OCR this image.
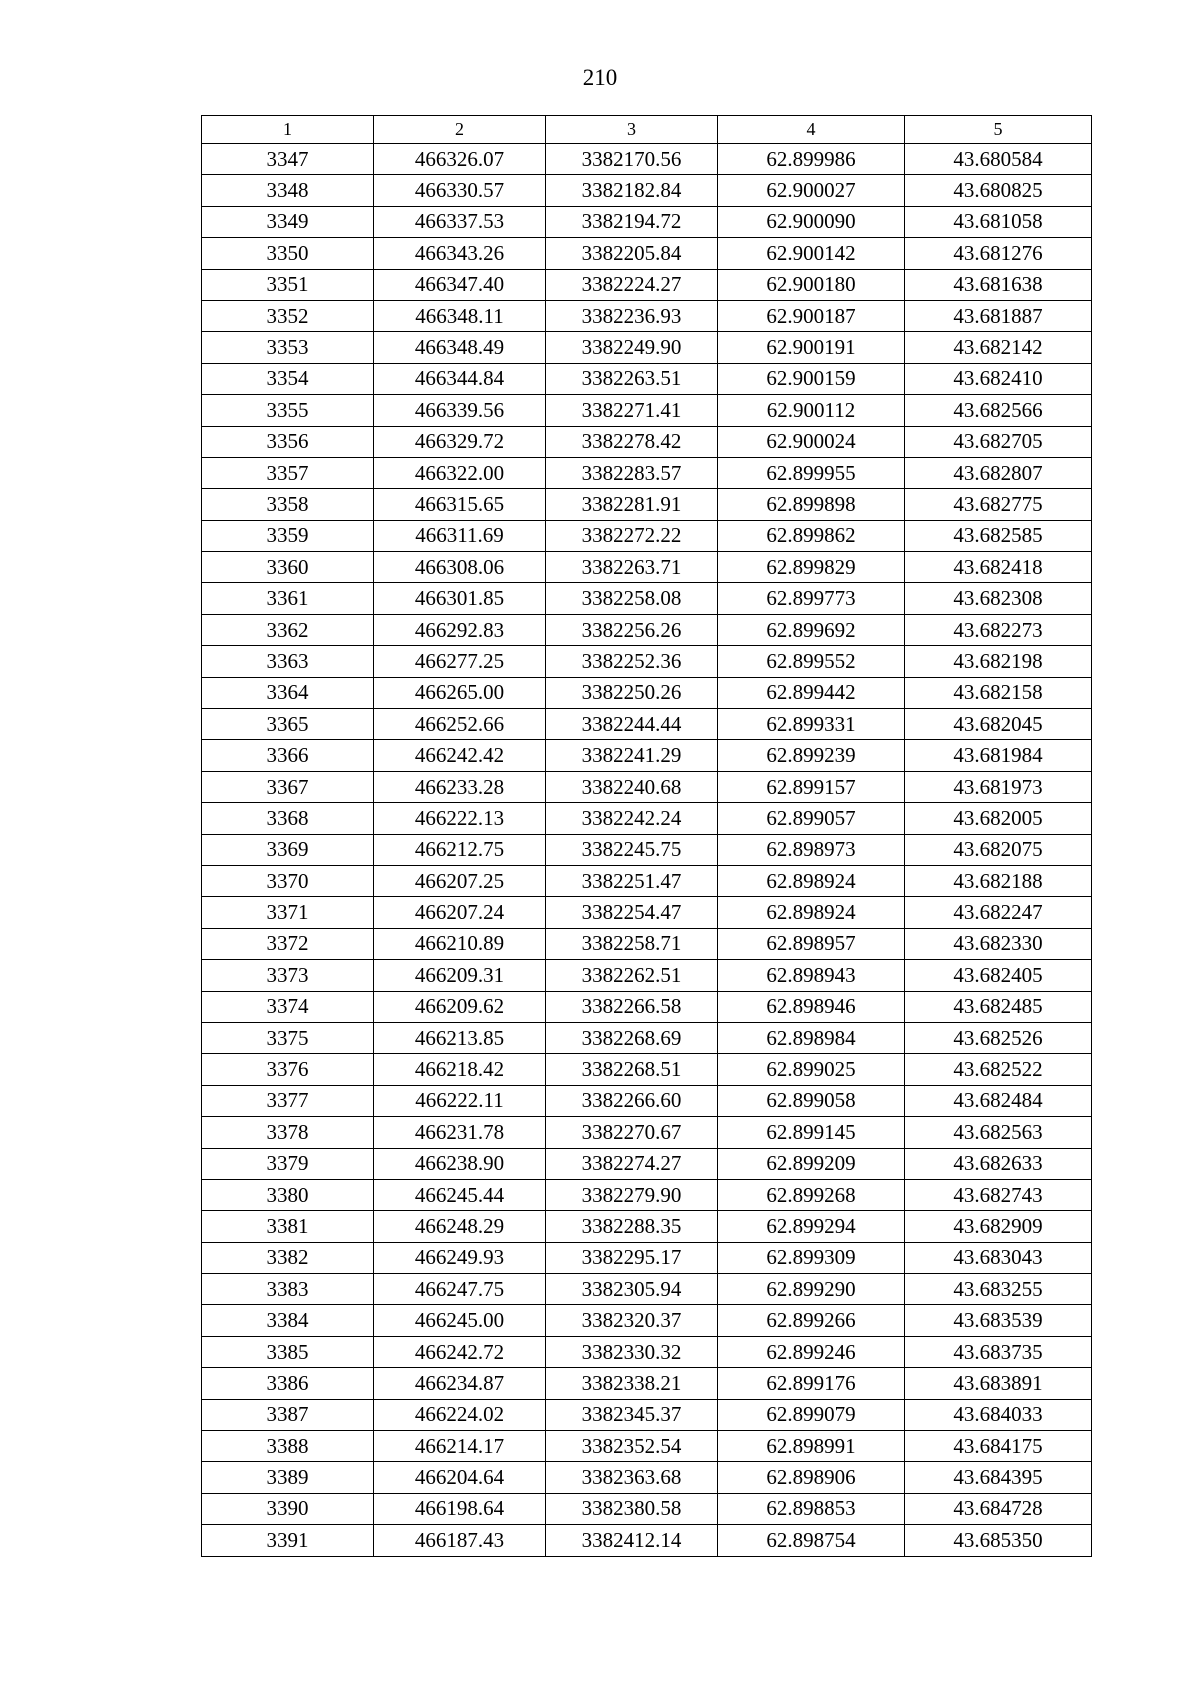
210
1	2	3	4	5
3347	466326.07	3382170.56	62.899986	43.680584
3348	466330.57	3382182.84	62.900027	43.680825
3349	466337.53	3382194.72	62.900090	43.681058
3350	466343.26	3382205.84	62.900142	43.681276
3351	466347.40	3382224.27	62.900180	43.681638
3352	466348.11	3382236.93	62.900187	43.681887
3353	466348.49	3382249.90	62.900191	43.682142
3354	466344.84	3382263.51	62.900159	43.682410
3355	466339.56	3382271.41	62.900112	43.682566
3356	466329.72	3382278.42	62.900024	43.682705
3357	466322.00	3382283.57	62.899955	43.682807
3358	466315.65	3382281.91	62.899898	43.682775
3359	466311.69	3382272.22	62.899862	43.682585
3360	466308.06	3382263.71	62.899829	43.682418
3361	466301.85	3382258.08	62.899773	43.682308
3362	466292.83	3382256.26	62.899692	43.682273
3363	466277.25	3382252.36	62.899552	43.682198
3364	466265.00	3382250.26	62.899442	43.682158
3365	466252.66	3382244.44	62.899331	43.682045
3366	466242.42	3382241.29	62.899239	43.681984
3367	466233.28	3382240.68	62.899157	43.681973
3368	466222.13	3382242.24	62.899057	43.682005
3369	466212.75	3382245.75	62.898973	43.682075
3370	466207.25	3382251.47	62.898924	43.682188
3371	466207.24	3382254.47	62.898924	43.682247
3372	466210.89	3382258.71	62.898957	43.682330
3373	466209.31	3382262.51	62.898943	43.682405
3374	466209.62	3382266.58	62.898946	43.682485
3375	466213.85	3382268.69	62.898984	43.682526
3376	466218.42	3382268.51	62.899025	43.682522
3377	466222.11	3382266.60	62.899058	43.682484
3378	466231.78	3382270.67	62.899145	43.682563
3379	466238.90	3382274.27	62.899209	43.682633
3380	466245.44	3382279.90	62.899268	43.682743
3381	466248.29	3382288.35	62.899294	43.682909
3382	466249.93	3382295.17	62.899309	43.683043
3383	466247.75	3382305.94	62.899290	43.683255
3384	466245.00	3382320.37	62.899266	43.683539
3385	466242.72	3382330.32	62.899246	43.683735
3386	466234.87	3382338.21	62.899176	43.683891
3387	466224.02	3382345.37	62.899079	43.684033
3388	466214.17	3382352.54	62.898991	43.684175
3389	466204.64	3382363.68	62.898906	43.684395
3390	466198.64	3382380.58	62.898853	43.684728
3391	466187.43	3382412.14	62.898754	43.685350
